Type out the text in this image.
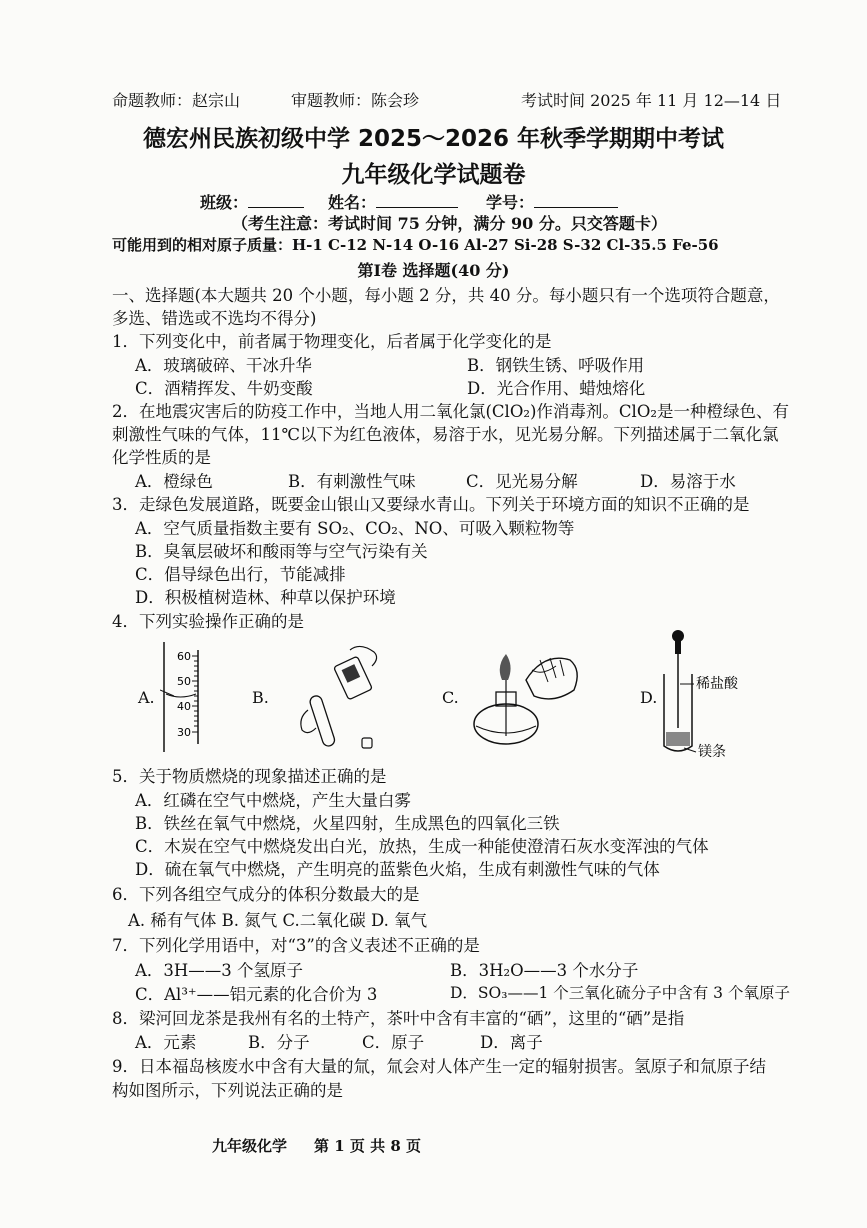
命题教师：赵宗山	审题教师：陈会珍	考试时间 2025 年 11 月 12—14 日
德宏州民族初级中学 2025～2026 年秋季学期期中考试
九年级化学试题卷
班级：	姓名：	学号：
（考生注意：考试时间 75 分钟，满分 90 分。只交答题卡）
可能用到的相对原子质量：H-1 C-12 N-14 O-16 Al-27 Si-28 S-32 Cl-35.5 Fe-56
第Ⅰ卷 选择题(40 分)
一、选择题(本大题共 20 个小题，每小题 2 分，共 40 分。每小题只有一个选项符合题意，
多选、错选或不选均不得分)
1．下列变化中，前者属于物理变化，后者属于化学变化的是
A．玻璃破碎、干冰升华	B．钢铁生锈、呼吸作用
C．酒精挥发、牛奶变酸	D．光合作用、蜡烛熔化
2．在地震灾害后的防疫工作中，当地人用二氧化氯(ClO₂)作消毒剂。ClO₂是一种橙绿色、有
刺激性气味的气体，11℃以下为红色液体，易溶于水，见光易分解。下列描述属于二氧化氯
化学性质的是
A．橙绿色	B．有刺激性气味	C．见光易分解	D．易溶于水
3．走绿色发展道路，既要金山银山又要绿水青山。下列关于环境方面的知识不正确的是
A．空气质量指数主要有 SO₂、CO₂、NO、可吸入颗粒物等
B．臭氧层破坏和酸雨等与空气污染有关
C．倡导绿色出行，节能减排
D．积极植树造林、种草以保护环境
4．下列实验操作正确的是
A.
60
50
40
30
B.	C.	D.
稀盐酸
镁条
5．关于物质燃烧的现象描述正确的是
A．红磷在空气中燃烧，产生大量白雾
B．铁丝在氧气中燃烧，火星四射，生成黑色的四氧化三铁
C．木炭在空气中燃烧发出白光，放热，生成一种能使澄清石灰水变浑浊的气体
D．硫在氧气中燃烧，产生明亮的蓝紫色火焰，生成有刺激性气味的气体
6．下列各组空气成分的体积分数最大的是
A. 稀有气体 B. 氮气 C.二氧化碳 D. 氧气
7．下列化学用语中，对“3”的含义表述不正确的是
A．3H——3 个氢原子	B．3H₂O——3 个水分子
C．Al³⁺——铝元素的化合价为 3	D．SO₃——1 个三氧化硫分子中含有 3 个氧原子
8．梁河回龙茶是我州有名的土特产，茶叶中含有丰富的“硒”，这里的“硒”是指
A．元素	B．分子	C．原子	D．离子
9．日本福岛核废水中含有大量的氚，氚会对人体产生一定的辐射损害。氢原子和氚原子结
构如图所示，下列说法正确的是
九年级化学 第 1 页 共 8 页
